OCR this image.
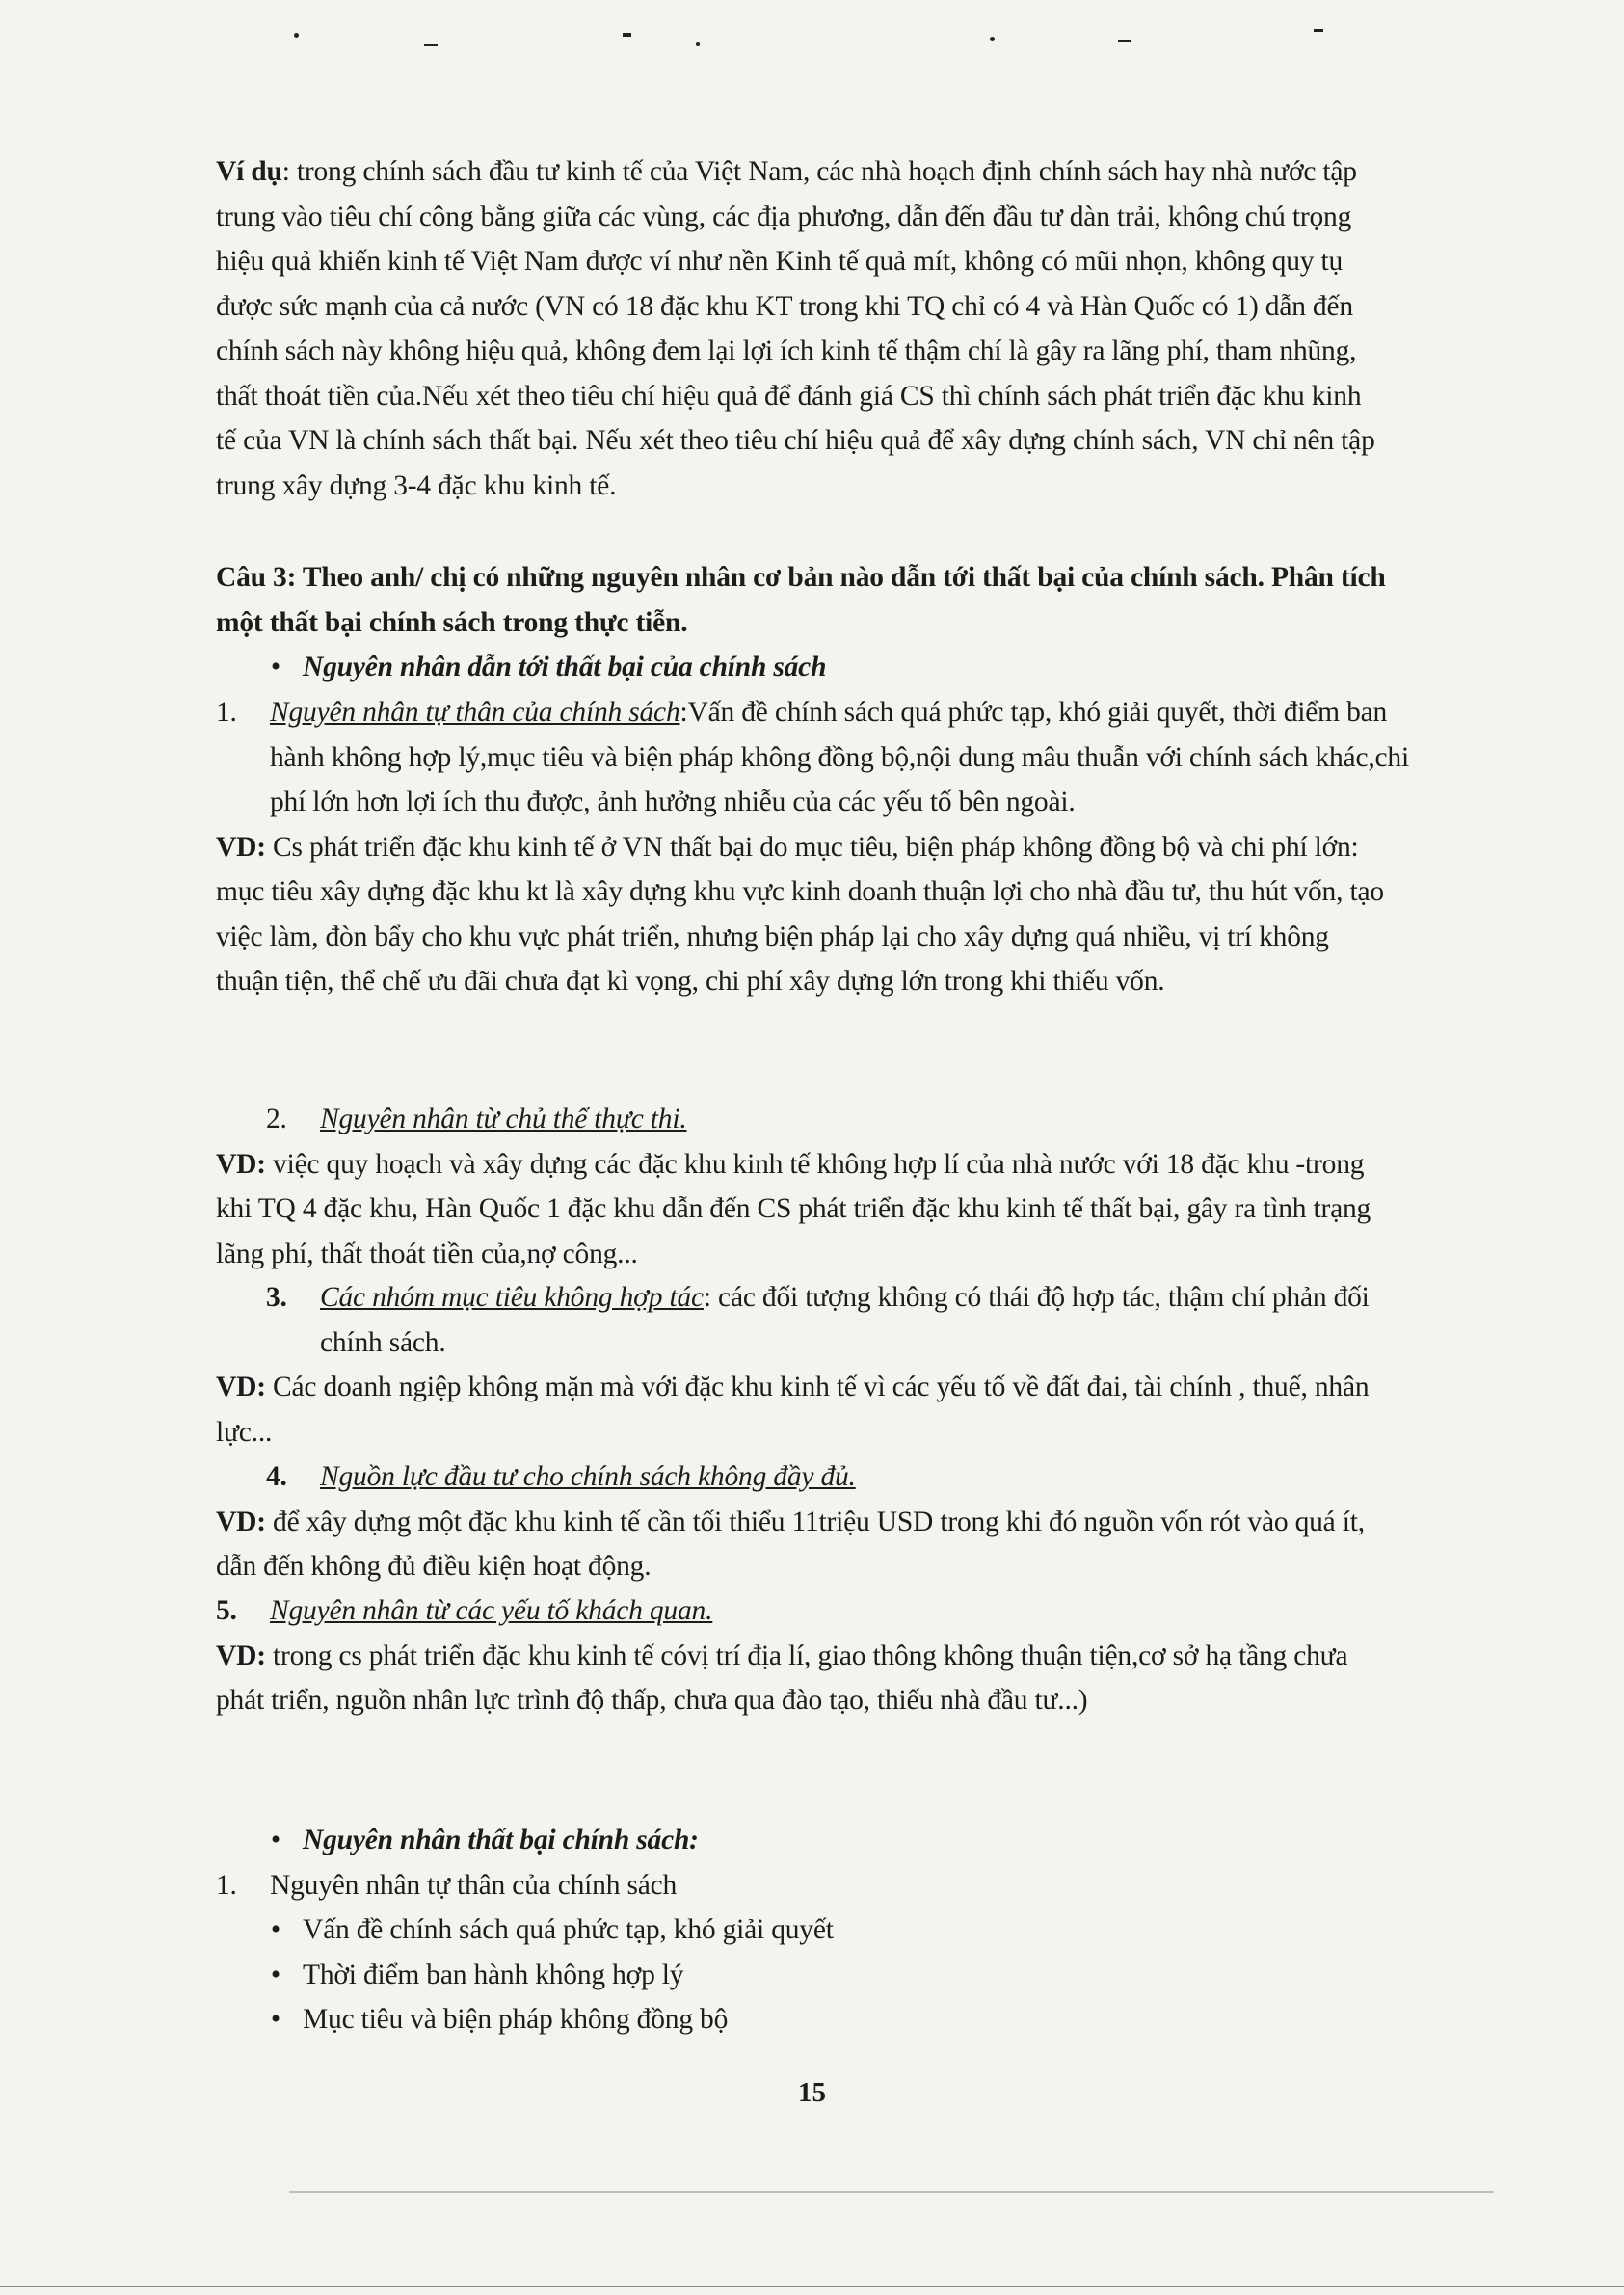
Ví dụ: trong chính sách đầu tư kinh tế của Việt Nam, các nhà hoạch định chính sách hay nhà nước tập
trung vào tiêu chí công bằng giữa các vùng, các địa phương, dẫn đến đầu tư dàn trải, không chú trọng
hiệu quả khiến kinh tế Việt Nam được ví như nền Kinh tế quả mít, không có mũi nhọn, không quy tụ
được sức mạnh của cả nước (VN có 18 đặc khu KT trong khi TQ chỉ có 4 và Hàn Quốc có 1) dẫn đến
chính sách này không hiệu quả, không đem lại lợi ích kinh tế thậm chí là gây ra lãng phí, tham nhũng,
thất thoát tiền của.Nếu xét theo tiêu chí hiệu quả để đánh giá CS thì chính sách phát triển đặc khu kinh
tế của VN là chính sách thất bại. Nếu xét theo tiêu chí hiệu quả để xây dựng chính sách, VN chỉ nên tập
trung xây dựng 3-4 đặc khu kinh tế.
Câu 3: Theo anh/ chị có những nguyên nhân cơ bản nào dẫn tới thất bại của chính sách. Phân tích
một thất bại chính sách trong thực tiễn.
• Nguyên nhân dẫn tới thất bại của chính sách
1. Nguyên nhân tự thân của chính sách:Vấn đề chính sách quá phức tạp, khó giải quyết, thời điểm ban
hành không hợp lý,mục tiêu và biện pháp không đồng bộ,nội dung mâu thuẫn với chính sách khác,chi
phí lớn hơn lợi ích thu được, ảnh hưởng nhiễu của các yếu tố bên ngoài.
VD: Cs phát triển đặc khu kinh tế ở VN thất bại do mục tiêu, biện pháp không đồng bộ và chi phí lớn:
mục tiêu xây dựng đặc khu kt là xây dựng khu vực kinh doanh thuận lợi cho nhà đầu tư, thu hút vốn, tạo
việc làm, đòn bẩy cho khu vực phát triển, nhưng biện pháp lại cho xây dựng quá nhiều, vị trí không
thuận tiện, thể chế ưu đãi chưa đạt kì vọng, chi phí xây dựng lớn trong khi thiếu vốn.
2. Nguyên nhân từ chủ thể thực thi.
VD: việc quy hoạch và xây dựng các đặc khu kinh tế không hợp lí của nhà nước với 18 đặc khu -trong
khi TQ 4 đặc khu, Hàn Quốc 1 đặc khu dẫn đến CS phát triển đặc khu kinh tế thất bại, gây ra tình trạng
lãng phí, thất thoát tiền của,nợ công...
3. Các nhóm mục tiêu không hợp tác: các đối tượng không có thái độ hợp tác, thậm chí phản đối
chính sách.
VD: Các doanh ngiệp không mặn mà với đặc khu kinh tế vì các yếu tố về đất đai, tài chính , thuế, nhân
lực...
4. Nguồn lực đầu tư cho chính sách không đầy đủ.
VD: để xây dựng một đặc khu kinh tế cần tối thiểu 11triệu USD trong khi đó nguồn vốn rót vào quá ít,
dẫn đến không đủ điều kiện hoạt động.
5. Nguyên nhân từ các yếu tố khách quan.
VD: trong cs phát triển đặc khu kinh tế cóvị trí địa lí, giao thông không thuận tiện,cơ sở hạ tầng chưa
phát triển, nguồn nhân lực trình độ thấp, chưa qua đào tạo, thiếu nhà đầu tư...)
• Nguyên nhân thất bại chính sách:
1. Nguyên nhân tự thân của chính sách
• Vấn đề chính sách quá phức tạp, khó giải quyết
• Thời điểm ban hành không hợp lý
• Mục tiêu và biện pháp không đồng bộ
15
